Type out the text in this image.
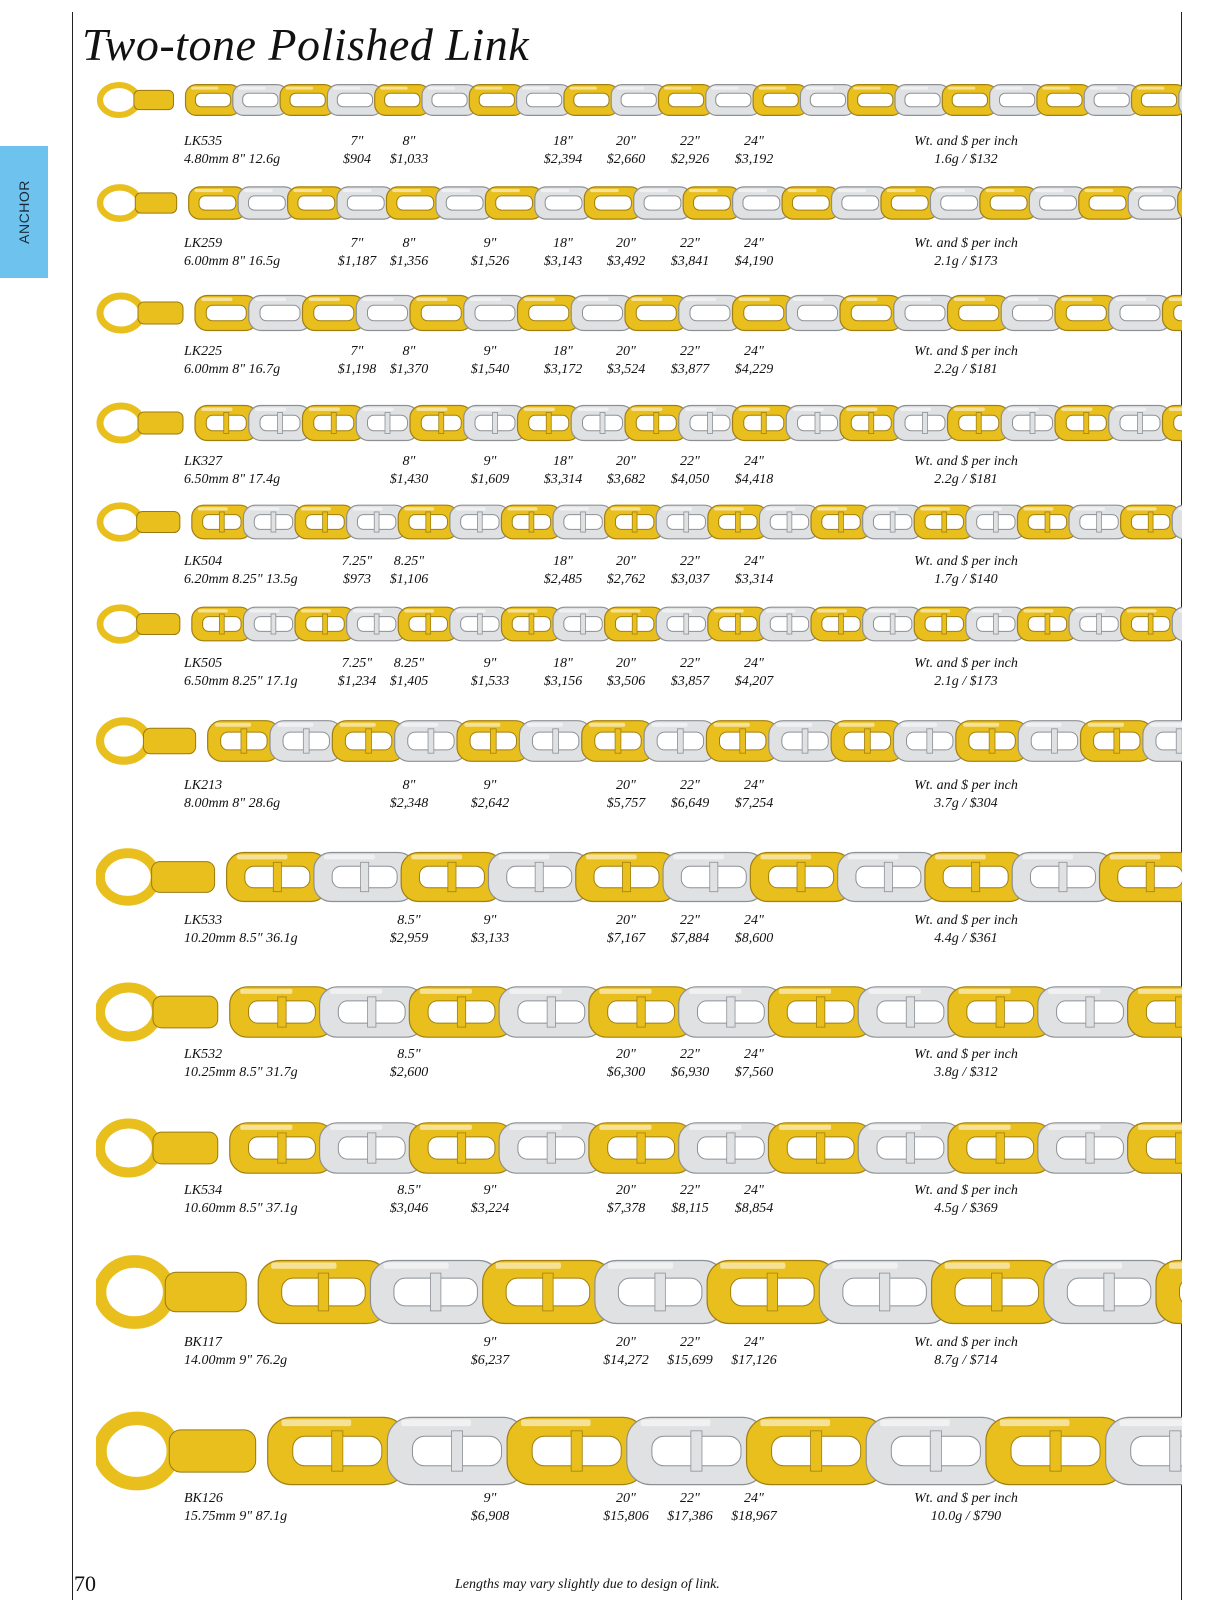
ANCHOR
Two-tone Polished Link
LK535
4.80mm 8" 12.6g
7"
$904
8"
$1,033
18"
$2,394
20"
$2,660
22"
$2,926
24"
$3,192
Wt. and $ per inch
1.6g / $132
LK259
6.00mm 8" 16.5g
7"
$1,187
8"
$1,356
9"
$1,526
18"
$3,143
20"
$3,492
22"
$3,841
24"
$4,190
Wt. and $ per inch
2.1g / $173
LK225
6.00mm 8" 16.7g
7"
$1,198
8"
$1,370
9"
$1,540
18"
$3,172
20"
$3,524
22"
$3,877
24"
$4,229
Wt. and $ per inch
2.2g / $181
LK327
6.50mm 8" 17.4g
8"
$1,430
9"
$1,609
18"
$3,314
20"
$3,682
22"
$4,050
24"
$4,418
Wt. and $ per inch
2.2g / $181
LK504
6.20mm 8.25" 13.5g
7.25"
$973
8.25"
$1,106
18"
$2,485
20"
$2,762
22"
$3,037
24"
$3,314
Wt. and $ per inch
1.7g / $140
LK505
6.50mm 8.25" 17.1g
7.25"
$1,234
8.25"
$1,405
9"
$1,533
18"
$3,156
20"
$3,506
22"
$3,857
24"
$4,207
Wt. and $ per inch
2.1g / $173
LK213
8.00mm 8" 28.6g
8"
$2,348
9"
$2,642
20"
$5,757
22"
$6,649
24"
$7,254
Wt. and $ per inch
3.7g / $304
LK533
10.20mm 8.5" 36.1g
8.5"
$2,959
9"
$3,133
20"
$7,167
22"
$7,884
24"
$8,600
Wt. and $ per inch
4.4g / $361
LK532
10.25mm 8.5" 31.7g
8.5"
$2,600
20"
$6,300
22"
$6,930
24"
$7,560
Wt. and $ per inch
3.8g / $312
LK534
10.60mm 8.5" 37.1g
8.5"
$3,046
9"
$3,224
20"
$7,378
22"
$8,115
24"
$8,854
Wt. and $ per inch
4.5g / $369
BK117
14.00mm 9" 76.2g
9"
$6,237
20"
$14,272
22"
$15,699
24"
$17,126
Wt. and $ per inch
8.7g / $714
BK126
15.75mm 9" 87.1g
9"
$6,908
20"
$15,806
22"
$17,386
24"
$18,967
Wt. and $ per inch
10.0g / $790
70	Lengths may vary slightly due to design of link.
